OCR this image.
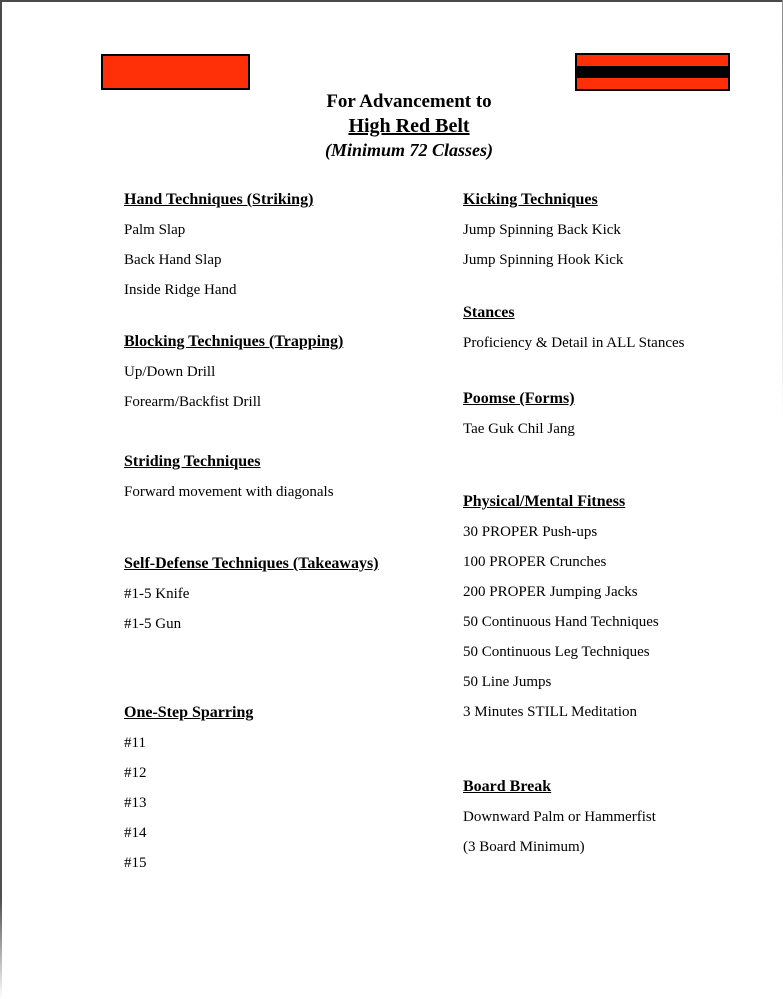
For Advancement to
High Red Belt
(Minimum 72 Classes)
Hand Techniques (Striking)
Palm Slap
Back Hand Slap
Inside Ridge Hand
Blocking Techniques (Trapping)
Up/Down Drill
Forearm/Backfist Drill
Striding Techniques
Forward movement with diagonals
Self-Defense Techniques (Takeaways)
#1-5 Knife
#1-5 Gun
One-Step Sparring
#11
#12
#13
#14
#15
Kicking Techniques
Jump Spinning Back Kick
Jump Spinning Hook Kick
Stances
Proficiency & Detail in ALL Stances
Poomse (Forms)
Tae Guk Chil Jang
Physical/Mental Fitness
30 PROPER Push-ups
100 PROPER Crunches
200 PROPER Jumping Jacks
50 Continuous Hand Techniques
50 Continuous Leg Techniques
50 Line Jumps
3 Minutes STILL Meditation
Board Break
Downward Palm or Hammerfist
(3 Board Minimum)
